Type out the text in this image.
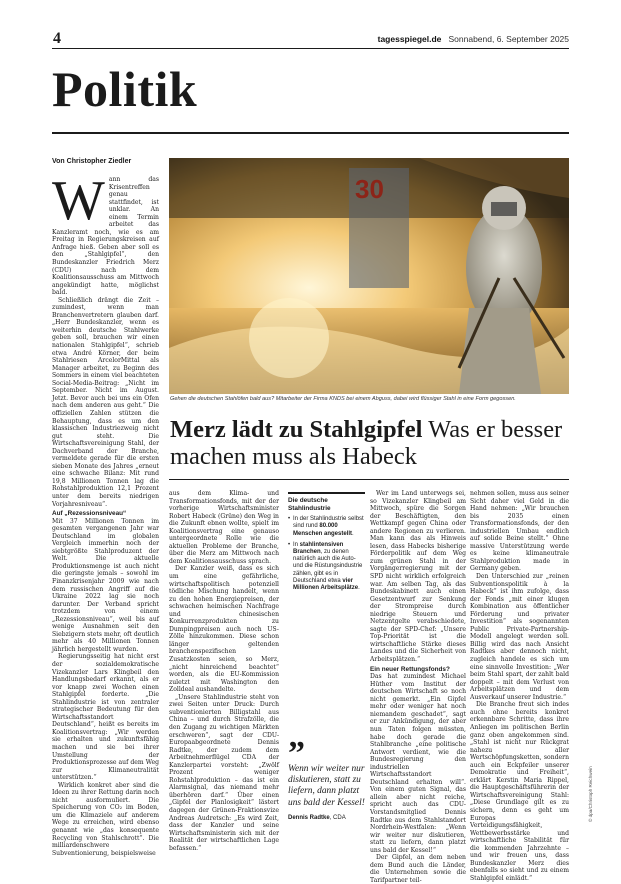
4	tagesspiegel.de Sonnabend, 6. September 2025
Politik
Von Christopher Ziedler
W ann das Krisentreffen genau stattfindet, ist unklar. An einem Termin arbeitet das Kanzleramt noch, wie es am Freitag in Regierungskreisen auf Anfrage hieß. Geben aber soll es den „Stahlgipfel“, den Bundeskanzler Friedrich Merz (CDU) nach dem Koalitionsausschuss am Mittwoch angekündigt hatte, möglichst bald.

Schließlich drängt die Zeit – zumindest, wenn man Branchenvertretern glauben darf. „Herr Bundeskanzler, wenn es weiterhin deutsche Stahlwerke geben soll, brauchen wir einen nationalen Stahlgipfel“, schrieb etwa André Körner, der beim Stahlriesen ArcelorMittal als Manager arbeitet, zu Beginn des Sommers in einem viel beachteten Social-Media-Beitrag: „Nicht im September. Nicht im August. Jetzt. Bevor auch bei uns ein Ofen nach dem anderen aus geht.“ Die offiziellen Zahlen stützen die Behauptung, dass es um den klassischen Industriezweig nicht gut steht. Die Wirtschaftsvereinigung Stahl, der Dachverband der Branche, vermeldete gerade für die ersten sieben Monate des Jahres „erneut eine schwache Bilanz: Mit rund 19,8 Millionen Tonnen lag die Rohstahlproduktion 12,1 Prozent unter dem bereits niedrigen Vorjahresniveau“.

Auf „Rezessionsniveau“

Mit 37 Millionen Tonnen im gesamten vergangenen Jahr war Deutschland im globalen Vergleich immerhin noch der siebtgrößte Stahlproduzent der Welt. Die aktuelle Produktionsmenge ist auch nicht die geringste jemals – sowohl im Finanzkrisenjahr 2009 wie nach dem russischen Angriff auf die Ukraine 2022 lag sie noch darunter. Der Verband spricht trotzdem von einem „Rezessionsniveau“, weil bis auf wenige Ausnahmen seit den Siebzigern stets mehr, oft deutlich mehr als 40 Millionen Tonnen jährlich hergestellt wurden.

Regierungsseitig hat nicht erst der sozialdemokratische Vizekanzler Lars Klingbeil den Handlungsbedarf erkannt, als er vor knapp zwei Wochen einen Stahlgipfel forderte. „Die Stahlindustrie ist von zentraler strategischer Bedeutung für den Wirtschaftsstandort Deutschland“, heißt es bereits im Koalitionsvertrag: „Wir werden sie erhalten und zukunftsfähig machen und sie bei ihrer Umstellung der Produktionsprozesse auf dem Weg zur Klimaneutralität unterstützen.“

Wirklich konkret aber sind die Ideen zu ihrer Rettung darin noch nicht ausformuliert. Die Speicherung von CO₂ im Boden, um die Klimaziele auf anderem Wege zu erreichen, wird ebenso genannt wie „das konsequente Recycling von Stahlschrott“. Die milliardenschwere Subventionierung, beispielsweise

30
Gehen die deutschen Stahlöfen bald aus? Mitarbeiter der Firma KNDS bei einem Abguss, dabei wird flüssiger Stahl in eine Form gegossen.
Merz lädt zu Stahlgipfel Was er besser machen muss als Habeck

aus dem Klima- und Transformationsfonds, mit der der vorherige Wirtschaftsminister Robert Habeck (Grüne) den Weg in die Zukunft ebnen wollte, spielt im Koalitionsvertrag eine genauso untergeordnete Rolle wie die aktuellen Probleme der Branche, über die Merz am Mittwoch nach dem Koalitionsausschuss sprach.

Der Kanzler weiß, dass es sich um eine gefährliche, wirtschaftspolitisch potenziell tödliche Mischung handelt, wenn zu den hohen Energiepreisen, der schwachen heimischen Nachfrage und chinesischen Konkurrenzprodukten zu Dumpingpreisen auch noch US-Zölle hinzukommen. Diese schon länger geltenden branchenspezifischen Zusatzkosten seien, so Merz, „nicht hinreichend beachtet“ worden, als die EU-Kommission zuletzt mit Washington den Zolldeal aushandelte.

„Unsere Stahlindustrie steht von zwei Seiten unter Druck: Durch subventionierten Billigstahl aus China – und durch Strafzölle, die den Zugang zu wichtigen Märkten erschweren“, sagt der CDU-Europaabgeordnete Dennis Radtke, der zudem dem Arbeitnehmerflügel CDA der Kanzlerpartei vorsteht: „Zwölf Prozent weniger Rohstahlproduktion – das ist ein Alarmsignal, das niemand mehr überhören darf.“ Über einen „Gipfel der Planlosigkeit“ lästert dagegen der Grünen-Fraktionsvize Andreas Audretsch: „Es wird Zeit, dass der Kanzler und seine Wirtschaftsministerin sich mit der Realität der wirtschaftlichen Lage befassen.“

Die deutsche Stahlindustrie
• In der Stahlindustrie selbst sind rund 80.000 Menschen angestellt.
• In stahlintensiven Branchen, zu denen natürlich auch die Auto- und die Rüstungsindustrie zählen, gibt es in Deutschland etwa vier Millionen Arbeitsplätze.
”
Wenn wir weiter nur diskutieren, statt zu liefern, dann platzt uns bald der Kessel!
Dennis Radtke, CDA

Wer im Land unterwegs sei, so Vizekanzler Klingbeil am Mittwoch, spüre die Sorgen der Beschäftigten, den Wettkampf gegen China oder andere Regionen zu verlieren. Man kann das als Hinweis lesen, dass Habecks bisherige Förderpolitik auf dem Weg zum grünen Stahl in der Vorgängerregierung mit der SPD nicht wirklich erfolgreich war. Am selben Tag, als das Bundeskabinett auch einen Gesetzentwurf zur Senkung der Strompreise durch niedrige Steuern und Netzentgelte verabschiedete, sagte der SPD-Chef: „Unsere Top-Priorität ist die wirtschaftliche Stärke dieses Landes und die Sicherheit von Arbeitsplätzen.“

Ein neuer Rettungsfonds?

Das hat zumindest Michael Hüther vom Institut der deutschen Wirtschaft so noch nicht gemerkt. „Ein Gipfel mehr oder weniger hat noch niemandem geschadet“, sagt er zur Ankündigung, der aber nun Taten folgen müssten, habe doch gerade die Stahlbranche „eine politische Antwort verdient, wie die Bundesregierung den industriellen Wirtschaftsstandort Deutschland erhalten will“. Von einem guten Signal, das allein aber nicht reiche, spricht auch das CDU-Vorstandsmitglied Dennis Radtke aus dem Stahlstandort Nordrhein-Westfalen: „Wenn wir weiter nur diskutieren, statt zu liefern, dann platzt uns bald der Kessel!“

Der Gipfel, an dem neben dem Bund auch die Länder, die Unternehmen sowie die Tarifpartner teil-

nehmen sollen, muss aus seiner Sicht daher viel Geld in die Hand nehmen: „Wir brauchen bis 2035 einen Transformationsfonds, der den industriellen Umbau endlich auf solide Beine stellt.“ Ohne massive Unterstützung werde es keine klimaneutrale Stahlproduktion made in Germany geben.

Den Unterschied zur „reinen Subventionspolitik à la Habeck“ ist ihm zufolge, dass der Fonds „mit einer klugen Kombination aus öffentlicher Förderung und privater Investition“ als sogenannten Public Private-Partnership-Modell angelegt werden soll. Billig wird das nach Ansicht Radtkes aber dennoch nicht, zugleich handele es sich um eine sinnvolle Investition: „Wer beim Stahl spart, der zahlt bald doppelt – mit dem Verlust von Arbeitsplätzen und dem Ausverkauf unserer Industrie.“

Die Branche freut sich indes auch ohne bereits konkret erkennbare Schritte, dass ihre Anliegen im politischen Berlin ganz oben angekommen sind. „Stahl ist nicht nur Rückgrat nahezu aller Wertschöpfungsketten, sondern auch ein Eckpfeiler unserer Demokratie und Freiheit“, erklärt Kerstin Maria Rippel, die Hauptgeschäftsführerin der Wirtschaftsvereinigung Stahl: „Diese Grundlage gilt es zu sichern, denn es geht um Europas Verteidigungsfähigkeit, Wettbewerbsstärke und wirtschaftliche Stabilität für die kommenden Jahrzehnte – und wir freuen uns, dass Bundeskanzler Merz dies ebenfalls so sieht und zu einem Stahlgipfel einlädt.“

© dpa/Christoph Reichwein
